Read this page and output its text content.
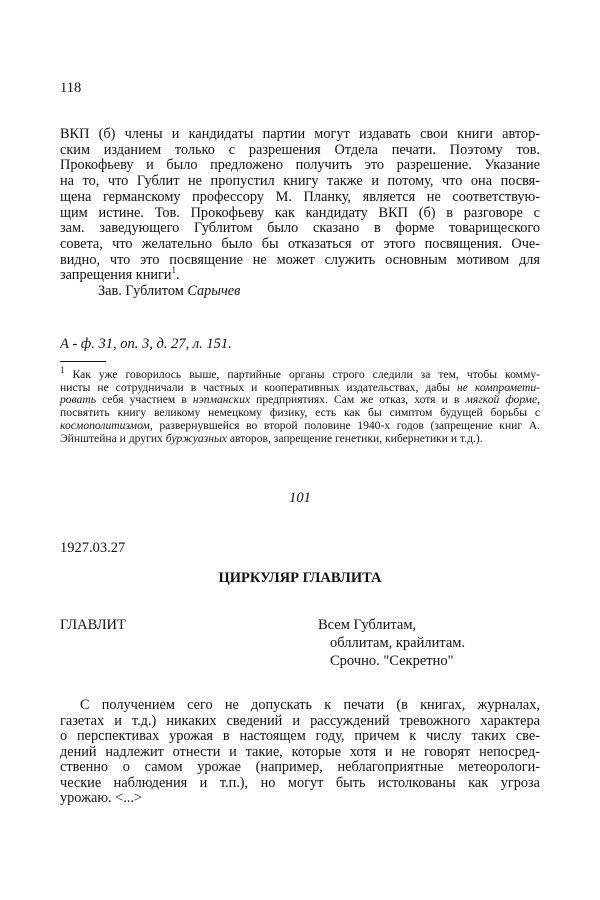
118
ВКП (б) члены и кандидаты партии могут издавать свои книги автор-
ским изданием только с разрешения Отдела печати. Поэтому тов.
Прокофьеву и было предложено получить это разрешение. Указание
на то, что Гублит не пропустил книгу также и потому, что она посвя-
щена германскому профессору М. Планку, является не соответствую-
щим истине. Тов. Прокофьеву как кандидату ВКП (б) в разговоре с
зам. заведующего Гублитом было сказано в форме товарищеского
совета, что желательно было бы отказаться от этого посвящения. Оче-
видно, что это посвящение не может служить основным мотивом для
запрещения книги$^1$.
Зав. Гублитом Сарычев
А - ф. 31, оп. 3, д. 27, л. 151.
$^1$ Как уже говорилось выше, партийные органы строго следили за тем, чтобы комму-
нисты не сотрудничали в частных и кооперативных издательствах, дабы не компромети-
ровать себя участием в нэпманских предприятиях. Сам же отказ, хотя и в мягкой форме,
посвятить книгу великому немецкому физику, есть как бы симптом будущей борьбы с
космополитизмом, развернувшейся во второй половине 1940-х годов (запрещение книг А.
Эйнштейна и других буржуазных авторов, запрещение генетики, кибернетики и т.д.).
101
1927.03.27
ЦИРКУЛЯР ГЛАВЛИТА
ГЛАВЛИТ	Всем Гублитам,
обллитам, крайлитам.
Срочно. "Секретно"
С получением сего не допускать к печати (в книгах, журналах,
газетах и т.д.) никаких сведений и рассуждений тревожного характера
о перспективах урожая в настоящем году, причем к числу таких све-
дений надлежит отнести и такие, которые хотя и не говорят непосред-
ственно о самом урожае (например, неблагоприятные метеорологи-
ческие наблюдения и т.п.), но могут быть истолкованы как угроза
урожаю. <...>
